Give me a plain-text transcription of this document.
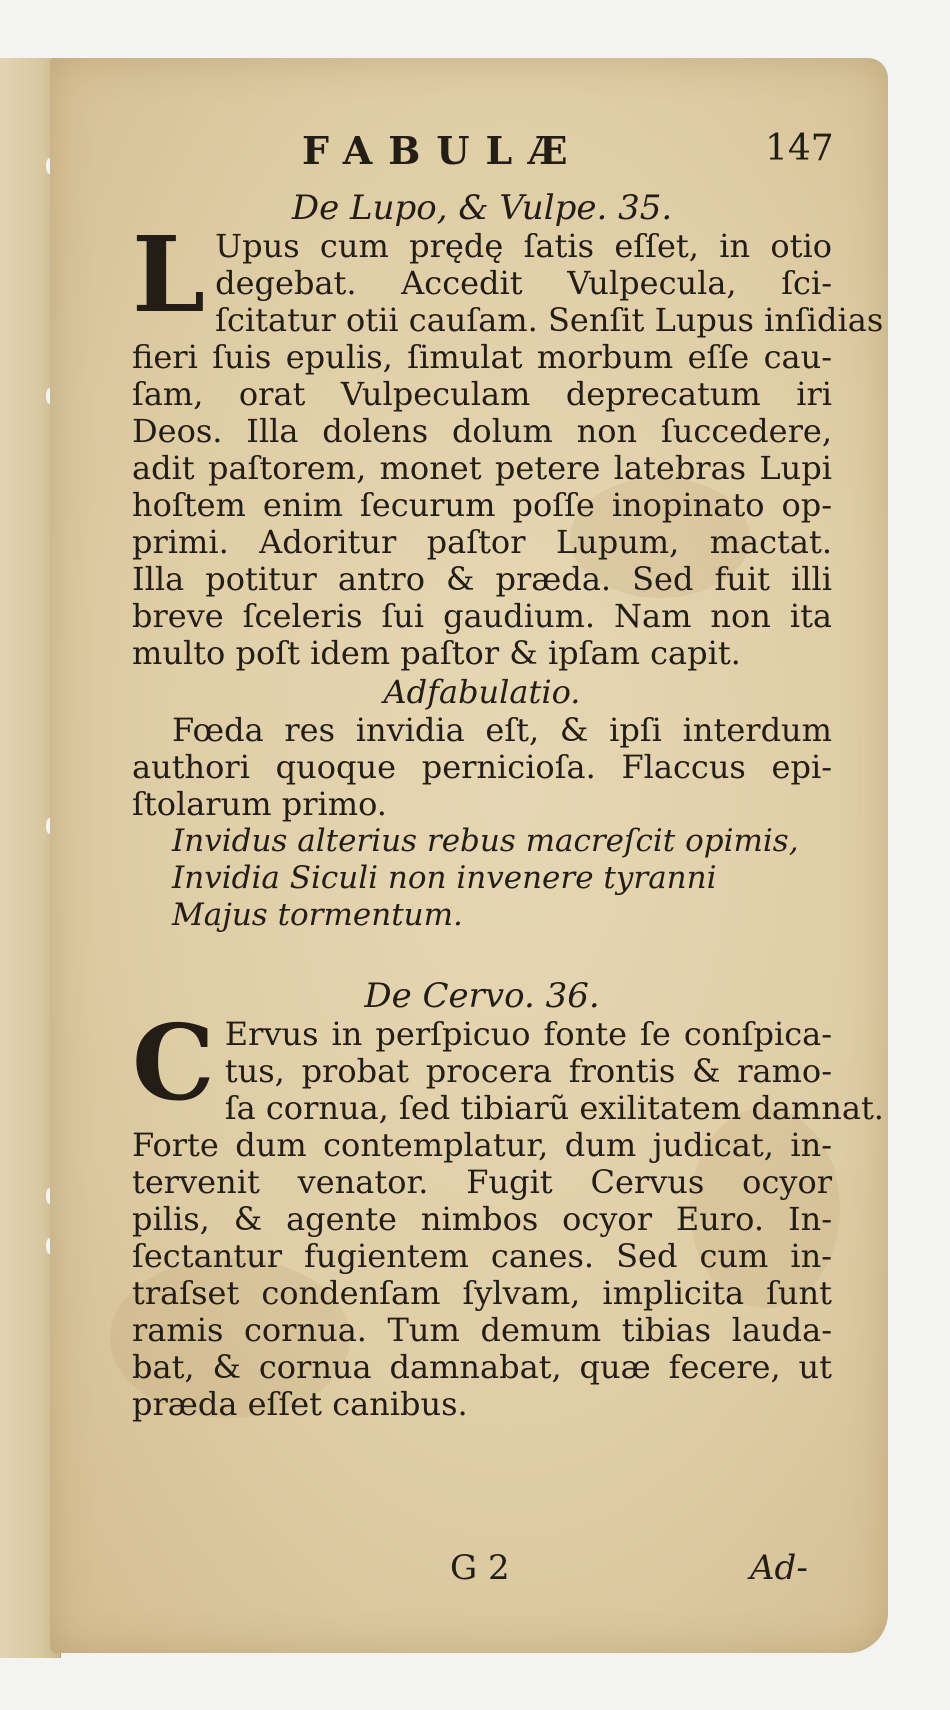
FABULÆ	147
De Lupo, & Vulpe. 35.
L Upus cum prędę ſatis eſſet, in otio
degebat. Accedit Vulpecula, ſci-
ſcitatur otii cauſam. Senſit Lupus inſidias
fieri ſuis epulis, ſimulat morbum eſſe cau-
ſam, orat Vulpeculam deprecatum iri
Deos. Illa dolens dolum non ſuccedere,
adit paſtorem, monet petere latebras Lupi
hoſtem enim ſecurum poſſe inopinato op-
primi. Adoritur paſtor Lupum, mactat.
Illa potitur antro & præda. Sed fuit illi
breve ſceleris ſui gaudium. Nam non ita
multo poſt idem paſtor & ipſam capit.
Adfabulatio.
Fœda res invidia eſt, & ipſi interdum
authori quoque pernicioſa. Flaccus epi-
ſtolarum primo.
Invidus alterius rebus macreſcit opimis,
Invidia Siculi non invenere tyranni
Majus tormentum.
De Cervo. 36.
C Ervus in perſpicuo fonte ſe conſpica-
tus, probat procera frontis & ramo-
ſa cornua, ſed tibiarũ exilitatem damnat.
Forte dum contemplatur, dum judicat, in-
tervenit venator. Fugit Cervus ocyor
pilis, & agente nimbos ocyor Euro. In-
ſectantur fugientem canes. Sed cum in-
traſset condenſam ſylvam, implicita ſunt
ramis cornua. Tum demum tibias lauda-
bat, & cornua damnabat, quæ fecere, ut
præda eſſet canibus.
G 2	Ad-
